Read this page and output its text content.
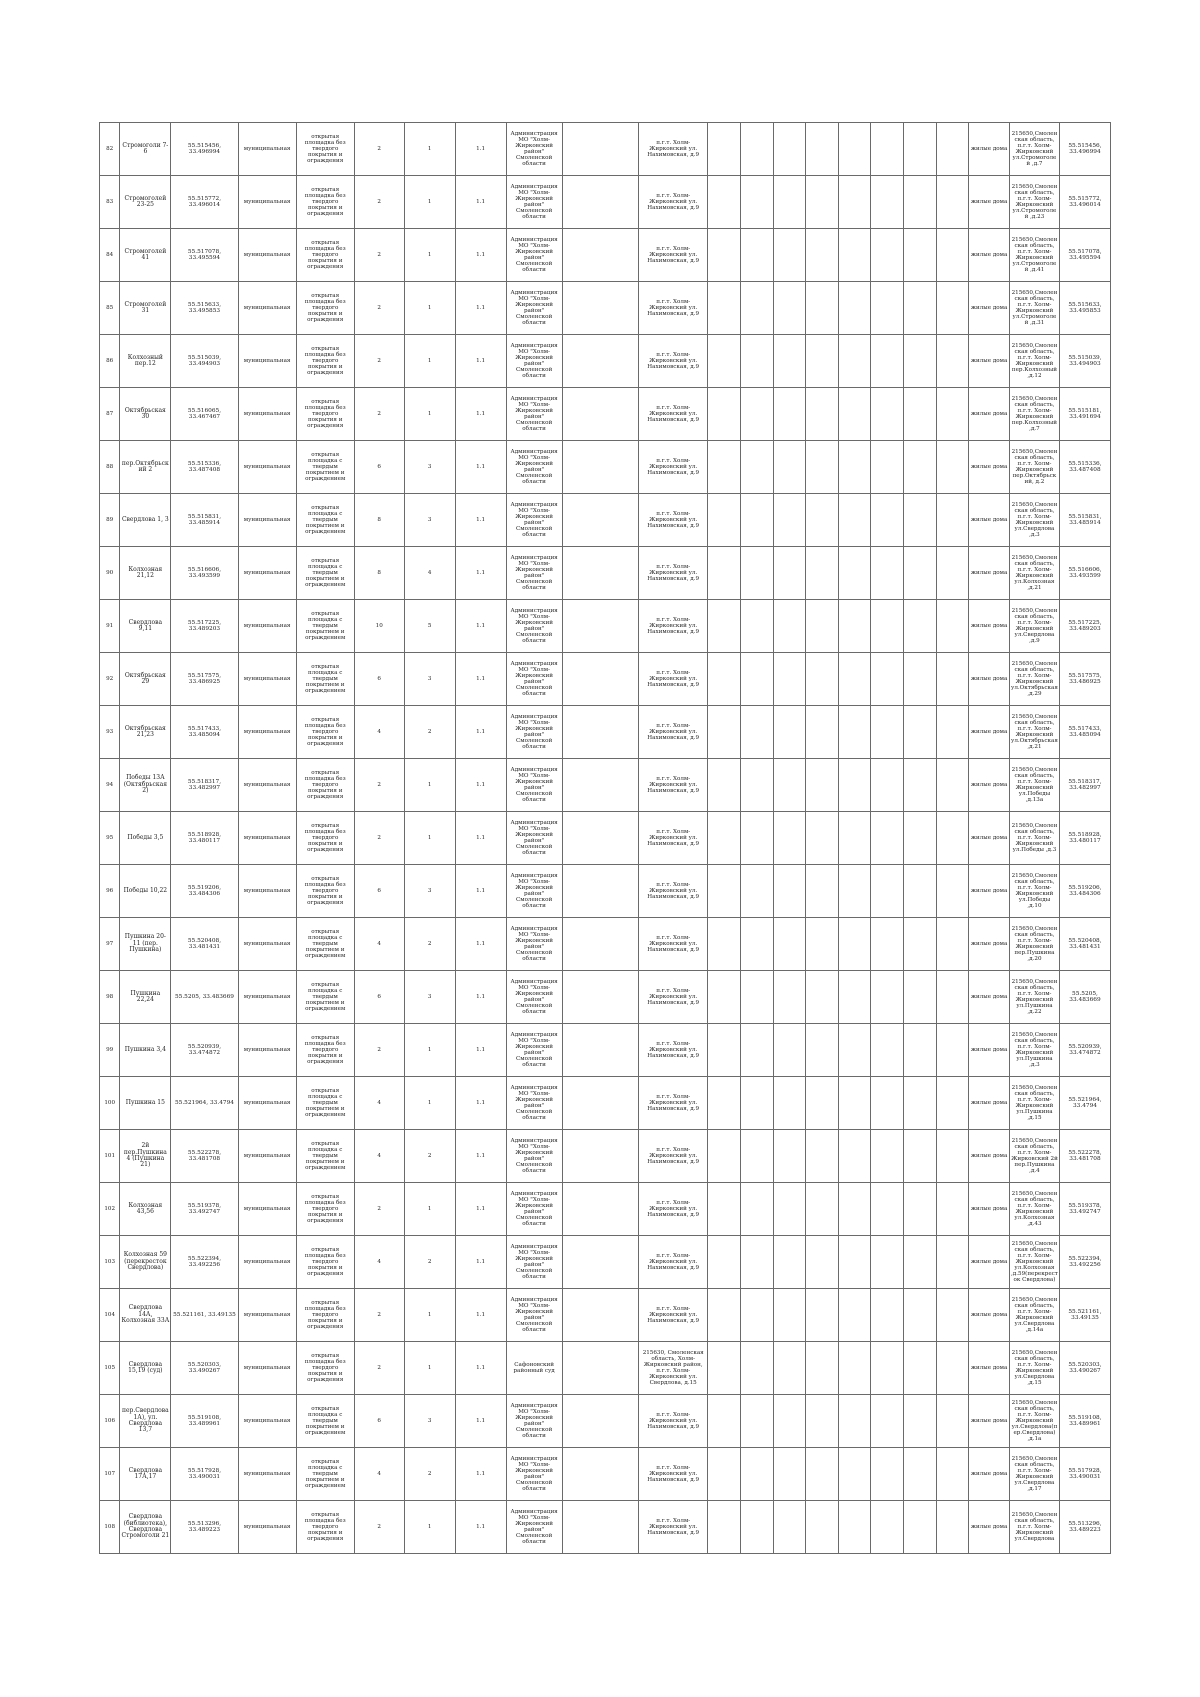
82	Стромоголи 7-6	55.515456, 33.496994	муниципальная	открытая площадка без твердого покрытия и ограждения	2	1	1.1	Администрация МО "Холм-Жирковский район" Смоленской области		п.г.т. Холм-Жирковский ул. Нахимовская, д.9									жилые дома	215650,Смоленская область, п.г.т. Холм-Жирковский ул.Стромоголей ,д.7	55.515456, 33.496994
83	Стромоголей 23-25	55.515772, 33.496014	муниципальная	открытая площадка без твердого покрытия и ограждения	2	1	1.1	Администрация МО "Холм-Жирковский район" Смоленской области		п.г.т. Холм-Жирковский ул. Нахимовская, д.9									жилые дома	215650,Смоленская область, п.г.т. Холм-Жирковский ул.Стромоголей ,д.23	55.515772, 33.496014
84	Стромоголей 41	55.517078, 33.495594	муниципальная	открытая площадка без твердого покрытия и ограждения	2	1	1.1	Администрация МО "Холм-Жирковский район" Смоленской области		п.г.т. Холм-Жирковский ул. Нахимовская, д.9									жилые дома	215650,Смоленская область, п.г.т. Холм-Жирковский ул.Стромоголей ,д.41	55.517078, 33.495594
85	Стромоголей 31	55.515633, 33.495853	муниципальная	открытая площадка без твердого покрытия и ограждения	2	1	1.1	Администрация МО "Холм-Жирковский район" Смоленской области		п.г.т. Холм-Жирковский ул. Нахимовская, д.9									жилые дома	215650,Смоленская область, п.г.т. Холм-Жирковский ул.Стромоголей ,д.31	55.515633, 33.495853
86	Колхозный пер.12	55.515039, 33.494903	муниципальная	открытая площадка без твердого покрытия и ограждения	2	1	1.1	Администрация МО "Холм-Жирковский район" Смоленской области		п.г.т. Холм-Жирковский ул. Нахимовская, д.9									жилые дома	215650,Смоленская область, п.г.т. Холм-Жирковский пер.Колхозный ,д.12	55.515039, 33.494903
87	Октябрьская 30	55.516065, 33.467467	муниципальная	открытая площадка без твердого покрытия и ограждения	2	1	1.1	Администрация МО "Холм-Жирковский район" Смоленской области		п.г.т. Холм-Жирковский ул. Нахимовская, д.9									жилые дома	215650,Смоленская область, п.г.т. Холм-Жирковский пер.Колхозный ,д.7	55.515181, 33.491694
88	пер.Октябрьский 2	55.515336, 33.487408	муниципальная	открытая площадка с твердым покрытием и ограждением	6	3	1.1	Администрация МО "Холм-Жирковский район" Смоленской области		п.г.т. Холм-Жирковский ул. Нахимовская, д.9									жилые дома	215650,Смоленская область, п.г.т. Холм-Жирковский пер.Октябрьский, д.2	55.515336, 33.487408
89	Свердлова 1, 3	55.515831, 33.485914	муниципальная	открытая площадка с твердым покрытием и ограждением	8	3	1.1	Администрация МО "Холм-Жирковский район" Смоленской области		п.г.т. Холм-Жирковский ул. Нахимовская, д.9									жилые дома	215650,Смоленская область, п.г.т. Холм-Жирковский ул.Свердлова ,д.3	55.515831, 33.485914
90	Колхозная 21,12	55.516606, 33.493599	муниципальная	открытая площадка с твердым покрытием и ограждением	8	4	1.1	Администрация МО "Холм-Жирковский район" Смоленской области		п.г.т. Холм-Жирковский ул. Нахимовская, д.9									жилые дома	215650,Смоленская область, п.г.т. Холм-Жирковский ул.Колхозная ,д.21	55.516606, 33.493599
91	Свердлова 9,11	55.517225, 33.489203	муниципальная	открытая площадка с твердым покрытием и ограждением	10	5	1.1	Администрация МО "Холм-Жирковский район" Смоленской области		п.г.т. Холм-Жирковский ул. Нахимовская, д.9									жилые дома	215650,Смоленская область, п.г.т. Холм-Жирковский ул.Свердлова ,д.9	55.517225, 33.489203
92	Октябрьская 29	55.517575, 33.486925	муниципальная	открытая площадка с твердым покрытием и ограждением	6	3	1.1	Администрация МО "Холм-Жирковский район" Смоленской области		п.г.т. Холм-Жирковский ул. Нахимовская, д.9									жилые дома	215650,Смоленская область, п.г.т. Холм-Жирковский ул.Октябрьская ,д.29	55.517575, 33.486925
93	Октябрьская 21,23	55.517433, 33.485094	муниципальная	открытая площадка без твердого покрытия и ограждения	4	2	1.1	Администрация МО "Холм-Жирковский район" Смоленской области		п.г.т. Холм-Жирковский ул. Нахимовская, д.9									жилые дома	215650,Смоленская область, п.г.т. Холм-Жирковский ул.Октябрьская ,д.21	55.517433, 33.485094
94	Победы 13А (Октябрьская 2)	55.518317, 33.482997	муниципальная	открытая площадка без твердого покрытия и ограждения	2	1	1.1	Администрация МО "Холм-Жирковский район" Смоленской области		п.г.т. Холм-Жирковский ул. Нахимовская, д.9									жилые дома	215650,Смоленская область, п.г.т. Холм-Жирковский ул.Победы ,д.13а	55.518317, 33.482997
95	Победы 3,5	55.518928, 33.480117	муниципальная	открытая площадка без твердого покрытия и ограждения	2	1	1.1	Администрация МО "Холм-Жирковский район" Смоленской области		п.г.т. Холм-Жирковский ул. Нахимовская, д.9									жилые дома	215650,Смоленская область, п.г.т. Холм-Жирковский ул.Победы ,д.3	55.518928, 33.480117
96	Победы 10,22	55.519206, 33.484306	муниципальная	открытая площадка без твердого покрытия и ограждения	6	3	1.1	Администрация МО "Холм-Жирковский район" Смоленской области		п.г.т. Холм-Жирковский ул. Нахимовская, д.9									жилые дома	215650,Смоленская область, п.г.т. Холм-Жирковский ул.Победы ,д.10	55.519206, 33.484306
97	Пушкина 20-11 (пер. Пушкина)	55.520408, 33.481431	муниципальная	открытая площадка с твердым покрытием и ограждением	4	2	1.1	Администрация МО "Холм-Жирковский район" Смоленской области		п.г.т. Холм-Жирковский ул. Нахимовская, д.9									жилые дома	215650,Смоленская область, п.г.т. Холм-Жирковский пер.Пушкина ,д.20	55.520408, 33.481431
98	Пушкина 22,24	55.5205, 33.483669	муниципальная	открытая площадка с твердым покрытием и ограждением	6	3	1.1	Администрация МО "Холм-Жирковский район" Смоленской области		п.г.т. Холм-Жирковский ул. Нахимовская, д.9									жилые дома	215650,Смоленская область, п.г.т. Холм-Жирковский ул.Пушкина ,д.22	55.5205, 33.483669
99	Пушкина 3,4	55.520939, 33.474872	муниципальная	открытая площадка без твердого покрытия и ограждения	2	1	1.1	Администрация МО "Холм-Жирковский район" Смоленской области		п.г.т. Холм-Жирковский ул. Нахимовская, д.9									жилые дома	215650,Смоленская область, п.г.т. Холм-Жирковский ул.Пушкина ,д.3	55.520939, 33.474872
100	Пушкина 15	55.521964, 33.4794	муниципальная	открытая площадка с твердым покрытием и ограждением	4	1	1.1	Администрация МО "Холм-Жирковский район" Смоленской области		п.г.т. Холм-Жирковский ул. Нахимовская, д.9									жилые дома	215650,Смоленская область, п.г.т. Холм-Жирковский ул.Пушкина ,д.15	55.521964, 33.4794
101	2й пер.Пушкина 4 (Пушкина 21)	55.522278, 33.481708	муниципальная	открытая площадка с твердым покрытием и ограждением	4	2	1.1	Администрация МО "Холм-Жирковский район" Смоленской области		п.г.т. Холм-Жирковский ул. Нахимовская, д.9									жилые дома	215650,Смоленская область, п.г.т. Холм-Жирковский 2й пер.Пушкина ,д.4	55.522278, 33.481708
102	Колхозная 43,56	55.519378, 33.492747	муниципальная	открытая площадка без твердого покрытия и ограждения	2	1	1.1	Администрация МО "Холм-Жирковский район" Смоленской области		п.г.т. Холм-Жирковский ул. Нахимовская, д.9									жилые дома	215650,Смоленская область, п.г.т. Холм-Жирковский ул.Колхозная ,д.43	55.519378, 33.492747
103	Колхозная 59 (перекресток Свердлова)	55.522394, 33.492256	муниципальная	открытая площадка без твердого покрытия и ограждения	4	2	1.1	Администрация МО "Холм-Жирковский район" Смоленской области		п.г.т. Холм-Жирковский ул. Нахимовская, д.9									жилые дома	215650,Смоленская область, п.г.т. Холм-Жирковский ул.Колхозная ,д.59(перекресток Свердлова)	55.522394, 33.492256
104	Свердлова 14А, Колхозная 33А	55.521161, 33.49135	муниципальная	открытая площадка без твердого покрытия и ограждения	2	1	1.1	Администрация МО "Холм-Жирковский район" Смоленской области		п.г.т. Холм-Жирковский ул. Нахимовская, д.9									жилые дома	215650,Смоленская область, п.г.т. Холм-Жирковский ул.Свердлова ,д.14а	55.521161, 33.49135
105	Свердлова 15,19 (суд)	55.520303, 33.490267	муниципальная	открытая площадка без твердого покрытия и ограждения	2	1	1.1	Сафоновский районный суд		215630, Смоленская область, Холм-Жирковский район, п.г.т. Холм-Жирковский ул. Свердлова, д.15									жилые дома	215650,Смоленская область, п.г.т. Холм-Жирковский ул.Свердлова ,д.15	55.520303, 33.490267
106	пер.Свердлова 1А), ул. Свердлова 13,7	55.519108, 33.489961	муниципальная	открытая площадка с твердым покрытием и ограждением	6	3	1.1	Администрация МО "Холм-Жирковский район" Смоленской области		п.г.т. Холм-Жирковский ул. Нахимовская, д.9									жилые дома	215650,Смоленская область, п.г.т. Холм-Жирковский ул.Свердлова(пер.Свердлова) ,д.1а	55.519108, 33.489961
107	Свердлова 17А,17	55.517928, 33.490031	муниципальная	открытая площадка с твердым покрытием и ограждением	4	2	1.1	Администрация МО "Холм-Жирковский район" Смоленской области		п.г.т. Холм-Жирковский ул. Нахимовская, д.9									жилые дома	215650,Смоленская область, п.г.т. Холм-Жирковский ул.Свердлова ,д.17	55.517928, 33.490031
108	Свердлова (библиотека), Свердлова Стромоголи 21	55.513296, 33.489223	муниципальная	открытая площадка без твердого покрытия и ограждения	2	1	1.1	Администрация МО "Холм-Жирковский район" Смоленской области		п.г.т. Холм-Жирковский ул. Нахимовская, д.9									жилые дома	215650,Смоленская область, п.г.т. Холм-Жирковский ул.Свердлова	55.513296, 33.489223
